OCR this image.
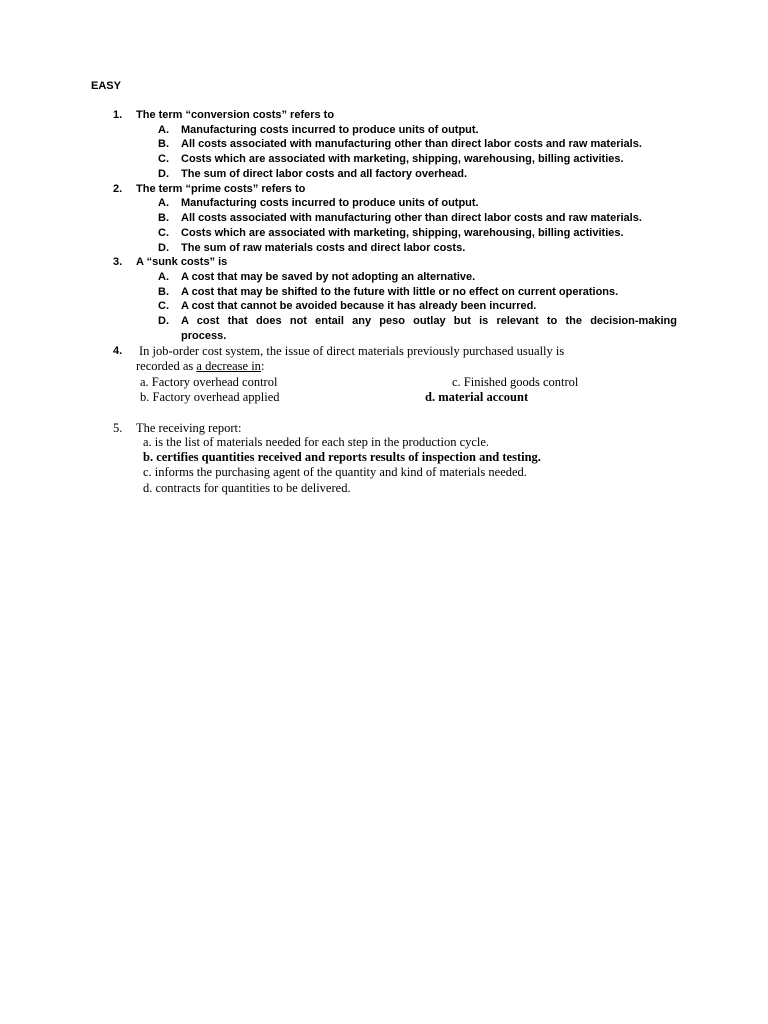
EASY
1. The term “conversion costs” refers to
A. Manufacturing costs incurred to produce units of output.
B. All costs associated with manufacturing other than direct labor costs and raw materials.
C. Costs which are associated with marketing, shipping, warehousing, billing activities.
D. The sum of direct labor costs and all factory overhead.
2. The term “prime costs” refers to
A. Manufacturing costs incurred to produce units of output.
B. All costs associated with manufacturing other than direct labor costs and raw materials.
C. Costs which are associated with marketing, shipping, warehousing, billing activities.
D. The sum of raw materials costs and direct labor costs.
3. A “sunk costs” is
A. A cost that may be saved by not adopting an alternative.
B. A cost that may be shifted to the future with little or no effect on current operations.
C. A cost that cannot be avoided because it has already been incurred.
D. A cost that does not entail any peso outlay but is relevant to the decision-making
process.
4. In job-order cost system, the issue of direct materials previously purchased usually is
recorded as a decrease in:
a. Factory overhead control
b. Factory overhead applied
c. Finished goods control
d. material account
5. The receiving report:
a. is the list of materials needed for each step in the production cycle.
b. certifies quantities received and reports results of inspection and testing.
c. informs the purchasing agent of the quantity and kind of materials needed.
d. contracts for quantities to be delivered.
